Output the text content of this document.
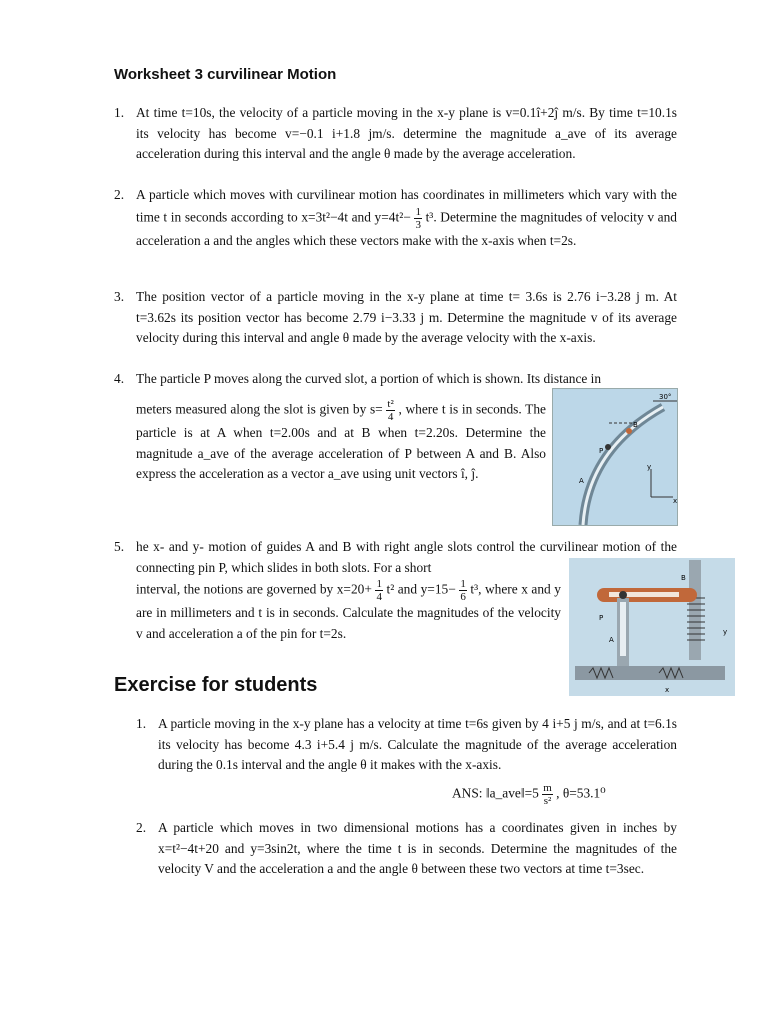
Worksheet 3 curvilinear Motion
1. At time t=10s, the velocity of a particle moving in the x-y plane is v=0.1î+2ĵ m/s. By time t=10.1s its velocity has become v=−0.1 i+1.8 jm/s. determine the magnitude a_ave of its average acceleration during this interval and the angle θ made by the average acceleration.
2. A particle which moves with curvilinear motion has coordinates in millimeters which vary with the time t in seconds according to x=3t²−4t and $y=4t^2- \frac{1}{3} t^3$. Determine the magnitudes of velocity v and acceleration a and the angles which these vectors make with the x-axis when t=2s.
3. The position vector of a particle moving in the x-y plane at time t= 3.6s is 2.76 i−3.28 j m. At t=3.62s its position vector has become 2.79 i−3.33 j m. Determine the magnitude v of its average velocity during this interval and angle θ made by the average velocity with the x-axis.
4. The particle P moves along the curved slot, a portion of which is shown. Its distance in
meters measured along the slot is given by $s= \frac{\text{t²}}{4}$ , where t is in seconds. The particle is at A when t=2.00s and at B when t=2.20s. Determine the magnitude a_ave of the average acceleration of P between A and B. Also express the acceleration as a vector a_ave using unit vectors î, ĵ.
30°
B
P
A
y
x
5. he x- and y- motion of guides A and B with right angle slots control the curvilinear motion of the connecting pin P, which slides in both slots. For a short
interval, the notions are governed by $x=20+ \frac{1}{4} t^2$ and $y=15- \frac{1}{6} t^3$, where x and y are in millimeters and t is in seconds. Calculate the magnitudes of the velocity v and acceleration a of the pin for t=2s.
B
P
A
y
x
Exercise for students
1. A particle moving in the x-y plane has a velocity at time t=6s given by 4 i+5 j m/s, and at t=6.1s its velocity has become 4.3 i+5.4 j m/s. Calculate the magnitude of the average acceleration during the 0.1s interval and the angle θ it makes with the x-axis.
ANS: ‖a_ave‖=5 $\frac{m}{\text{s²}}$ , θ=53.1⁰
2. A particle which moves in two dimensional motions has a coordinates given in inches by x=t²−4t+20 and y=3sin2t, where the time t is in seconds. Determine the magnitudes of the velocity V and the acceleration a and the angle θ between these two vectors at time t=3sec.
